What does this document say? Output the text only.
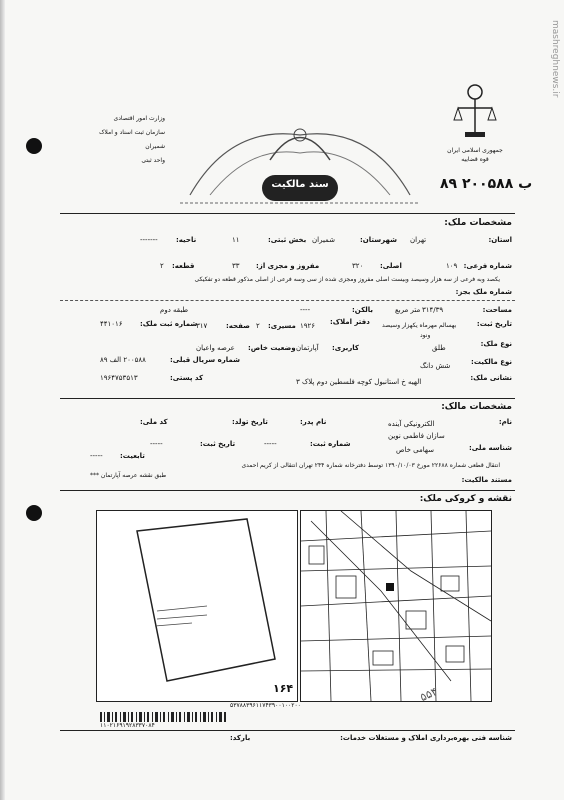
mashreghnews.ir
وزارت امور اقتصادی
سازمان ثبت اسناد و املاک
شمیران
واحد ثبتی
سند مالکیت
جمهوری اسلامی ایران
قوه قضاییه
۸۹ ب ۲۰۰۵۸۸
مشخصات ملک:
استان:
تهران
شهرستان:
شمیران
بخش ثبتی:
۱۱
ناحیه:
-------
شماره فرعی:
۱۰۹
اصلی:
۳۲۰
مفروز و مجزی از:
۳۳
قطعه:
۲
یکصد وبه فرعی از سه هزار وسیصد وبیست اصلی مفروز ومجزی شده از سی وسه فرعی از اصلی مذکور قطعه دو تفکیکی
شماره ملک بجز:
مساحت:
۳۱۴/۳۹
متر مربع
بالکن:
----
طبقه دوم
تاریخ ثبت:
بهسالم مهرماه یکهزار وسیصد
ونود
دفتر املاک:
۱۹۲۶
مسیری:
۲
صفحه:
۳۱۷
شماره ثبت ملک:
۴۴۱۰۱۶
نوع ملک:
طلق
کاربری:
آپارتمان
وضعیت خاص:
عرصه واعیان
نوع مالکیت:
شش دانگ
شماره سریال قبلی:
۲۰۰۵۸۸ الف ۸۹
نشانی ملک:
الهیه خ استانبول کوچه فلسطین دوم پلاک ۳
کد پستی:
۱۹۶۴۷۵۳۵۱۳
مشخصات مالک:
نام:
الکترونیکی آینده
نام پدر:
تاریخ تولد:
کد ملی:
سازان فاطمی نوین
شناسه ملی:
سهامی خاص
شماره ثبت:
-----
تاریخ ثبت:
-----
تابعیت:
-----
انتقال قطعی شماره ۲۲۶۸۸ مورخ ۱۳۹۰/۱۰/۰۳ توسط دفترخانه شماره ۲۴۴ تهران انتقالی از کریم احمدی
طبق نقشه عرصه آپارتمان ***
مستند مالکیت:
نقشه و کروکی ملک:
۱۶۴	۵۵۴
۵۳۷۸۸۳۹۶۱۱۷۴۳۹۰۰۱۰۰۲۰۰
۱۱۰۲۱۶۹۱۹۲۸۳۳۷۰۸۴
شناسه فنی بهره‌برداری املاک و مستغلات خدمات:
بارکد:
